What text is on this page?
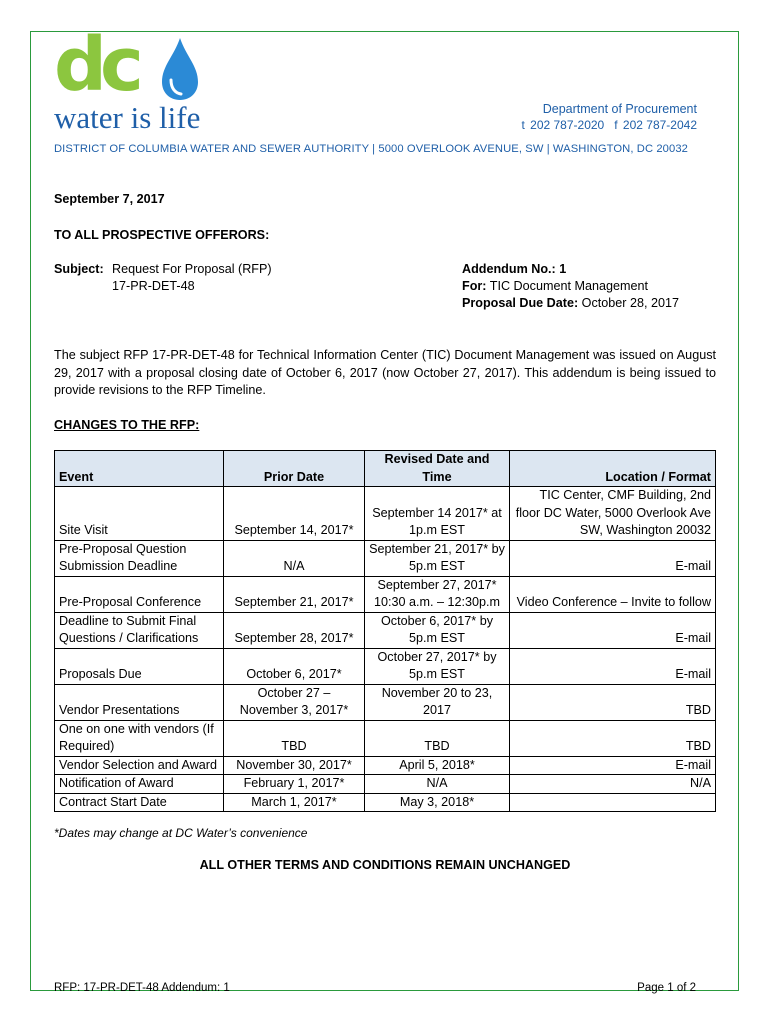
dc
water is life	Department of Procurement
t 202 787-2020 f 202 787-2042
DISTRICT OF COLUMBIA WATER AND SEWER AUTHORITY | 5000 OVERLOOK AVENUE, SW | WASHINGTON, DC 20032
September 7, 2017
TO ALL PROSPECTIVE OFFERORS:
Subject: Request For Proposal (RFP)
17-PR-DET-48
Addendum No.: 1
For: TIC Document Management
Proposal Due Date: October 28, 2017
The subject RFP 17-PR-DET-48 for Technical Information Center (TIC) Document Management was issued on August 29, 2017 with a proposal closing date of October 6, 2017 (now October 27, 2017). This addendum is being issued to provide revisions to the RFP Timeline.
CHANGES TO THE RFP:
Event	Prior Date	Revised Date and Time	Location / Format
Site Visit	September 14, 2017*	September 14 2017* at 1p.m EST	TIC Center, CMF Building, 2nd floor DC Water, 5000 Overlook Ave SW, Washington 20032
Pre-Proposal Question Submission Deadline	N/A	September 21, 2017* by 5p.m EST	E-mail
Pre-Proposal Conference	September 21, 2017*	September 27, 2017* 10:30 a.m. – 12:30p.m	Video Conference – Invite to follow
Deadline to Submit Final Questions / Clarifications	September 28, 2017*	October 6, 2017* by 5p.m EST	E-mail
Proposals Due	October 6, 2017*	October 27, 2017* by 5p.m EST	E-mail
Vendor Presentations	October 27 – November 3, 2017*	November 20 to 23, 2017	TBD
One on one with vendors (If Required)	TBD	TBD	TBD
Vendor Selection and Award	November 30, 2017*	April 5, 2018*	E-mail
Notification of Award	February 1, 2017*	N/A	N/A
Contract Start Date	March 1, 2017*	May 3, 2018*	
*Dates may change at DC Water’s convenience
ALL OTHER TERMS AND CONDITIONS REMAIN UNCHANGED
RFP: 17-PR-DET-48 Addendum: 1	Page 1 of 2
